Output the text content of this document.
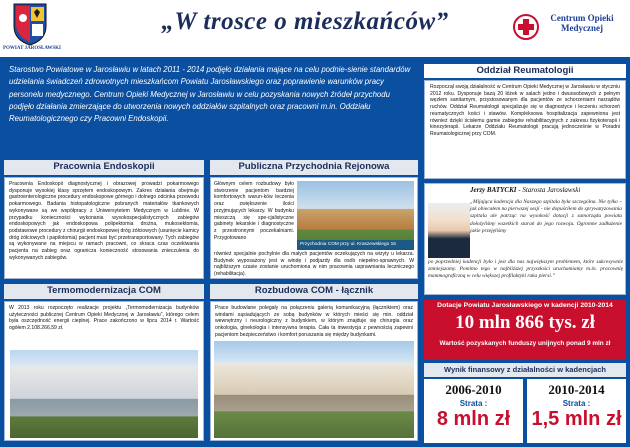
POWIAT JAROSŁAWSKI
„W trosce o mieszkańców”	Centrum Opieki
Medycznej
Starostwo Powiatowe w Jarosławiu w latach 2011 - 2014 podjęło działania mające na celu podnie-sienie standardów udzielania świadczeń zdrowotnych mieszkańcom Powiatu Jarosławskiego oraz poprawienie warunków pracy personelu medycznego. Centrum Opieki Medycznej w Jarosławiu w celu pozyskania nowych źródeł przychodu podjęło działania zmierzające do utworzenia nowych oddziałów szpitalnych oraz pracowni m.in. Oddziału Reumatologicznego czy Pracowni Endoskopii.
Oddział Reumatologii
Rozpoczął swoją działalność w Centrum Opieki Medycznej w Jarosławiu w styczniu 2012 roku. Dysponuje bazą 20 łóżek w salach jedno i dwuosobowych z pełnym węzłem sanitarnym, przystosowanym dla pacjentów ze schorzeniami narządów ruchów. Oddział Reumatologii specjalizuje się w diagnostyce i leczeniu schorzeń reumatycznych kości i stawów. Kompleksowa hospitalizacja zapewniona jest również dzięki ścisłemu gamie zabiegów rehabilitacyjnych z zakresu fizykoterapii i kinezyterapii. Lekarze Oddziału Reumatologii pracują jednocześnie w Poradni Reumatologicznej przy COM.
Pracownia Endoskopii
Pracownia Endoskopii diagnostycznej i obrazowej prowadzi pokarmowego dysponuje wysokiej klasy sprzętem endoskopowym. Zakres działania obejmuje gastroenterologiczne procedury endoskopowe górnego i dolnego odcinka przewodu pokarmowego. Badania histopatologiczne pobranych materiałów tkankowych wykonywane są we współpracy z Uniwersytetem Medycznym w Lublinie. W przypadku konieczności wykonania wysokospecjalistycznych zabiegów endoskopowych jak endoskopowa polipektomia drożna, mukosektomia, podstawowe procedury z chirurgii endoskopowej dróg żółciowych (usunięcie kamicy dróg żółciowych i papilotomia) pacjent musi być przetransportowany. Tych zabiegów są wykonywane na miejscu w ramach pracowni, co skraca czas oczekiwania pacjenta na zabieg oraz ogranicza konieczność stosowania znieczulenia do wykonywanych zabiegów.
Publiczna Przychodnia Rejonowa
Głównym celem rozbudowy było stworzenie pacjentom bardziej komfortowych warun-ków leczenia oraz zwiększenie ilości przyjmujących lekarzy. W budynku mieszczą się spe-cjalistyczne gabinety lekarskie i diagnostyczne z przestronnymi poczekalniami. Przygotowano
Przychodnia COM przy ul. Kraszewskiego 16
również specjalnie pochylnie dla małych pacjentów oczekujących na wizyty u lekarza. Budynek wyposażony jest w windę i podjazdy dla osób niepełno-sprawnych. W najbliższym czasie zostanie uruchomiona w nim pracownia usprawniania leczniczego (rehabilitacja).
Termomodernizacja COM
W 2013 roku rozpoczęto realizacje projektu „Termomodernizacja budynków użyteczności publicznej Centrum Opieki Medycznej w Jarosławiu”, którego celem była oszczędność energii cieplnej. Prace zakończono w lipcu 2014 r. Wartość ogółem 2.108.266,59 zł.
Rozbudowa COM - łącznik
Prace budowlane polegały na połączeniu galerią komunikacyjną (łącznikiem) oraz windami sąsiadujących ze sobą budynków w których mieści się min. oddział wewnętrzny i neurologiczny z budynkiem, w którym znajduje się chirurgia oraz onkologia, ginekologia i intensywna terapia. Cała ta inwestycja z pewnością zapewni pacjentom bezpieczeństwo i komfort poruszania się między budynkami.
Jerzy BATYCKI - Starosta Jarosławski
„Mijająca kadencja dla Naszego szpitala była szczególna. Nie tylko – jak obiecałem na pierwszej sesji - nie dopuściłem do sprywatyzowania szpitala ale patrząc na wysokość dotacji z samorządu powiatu dołożyliśmy wszelkich starań do jego rozwoju. Ogromne zadłużenie jakie przejęliśmy
po poprzedniej kadencji było i jest dla nas największym problemem, które sukcesywnie zmniejszamy. Pomimo tego w najbliższej przyszłości uruchamiamy m.in. pracownię mammograficzną w celu większej profilaktyki raka piersi.”
Dotacje Powiatu Jarosławskiego w kadencji 2010-2014
10 mln 866 tys. zł
Wartość pozyskanych funduszy unijnych ponad 9 mln zł
Wynik finansowy z działalności w kadencjach
2006-2010
Strata :
8 mln zł
2010-2014
Strata :
1,5 mln zł
